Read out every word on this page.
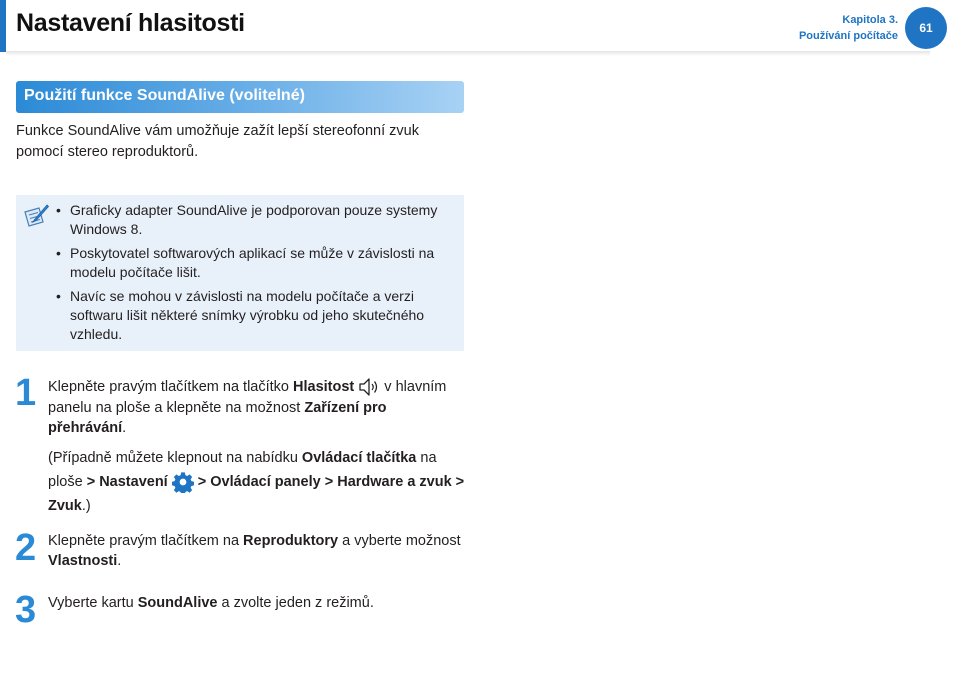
Nastavení hlasitosti	Kapitola 3.
Používání počítače
61
Použití funkce SoundAlive (volitelné)
Funkce SoundAlive vám umožňuje zažít lepší stereofonní zvuk pomocí stereo reproduktorů.
• Graficky adapter SoundAlive je podporovan pouze systemy Windows 8.
• Poskytovatel softwarových aplikací se může v závislosti na modelu počítače lišit.
• Navíc se mohou v závislosti na modelu počítače a verzi softwaru lišit některé snímky výrobku od jeho skutečného vzhledu.
1 Klepněte pravým tlačítkem na tlačítko Hlasitost  v hlavním panelu na ploše a klepněte na možnost Zařízení pro přehrávání.

(Případně můžete klepnout na nabídku Ovládací tlačítka na ploše > Nastavení > Ovládací panely > Hardware a zvuk > Zvuk.)

2 Klepněte pravým tlačítkem na Reproduktory a vyberte možnost Vlastnosti.

3 Vyberte kartu SoundAlive a zvolte jeden z režimů.
